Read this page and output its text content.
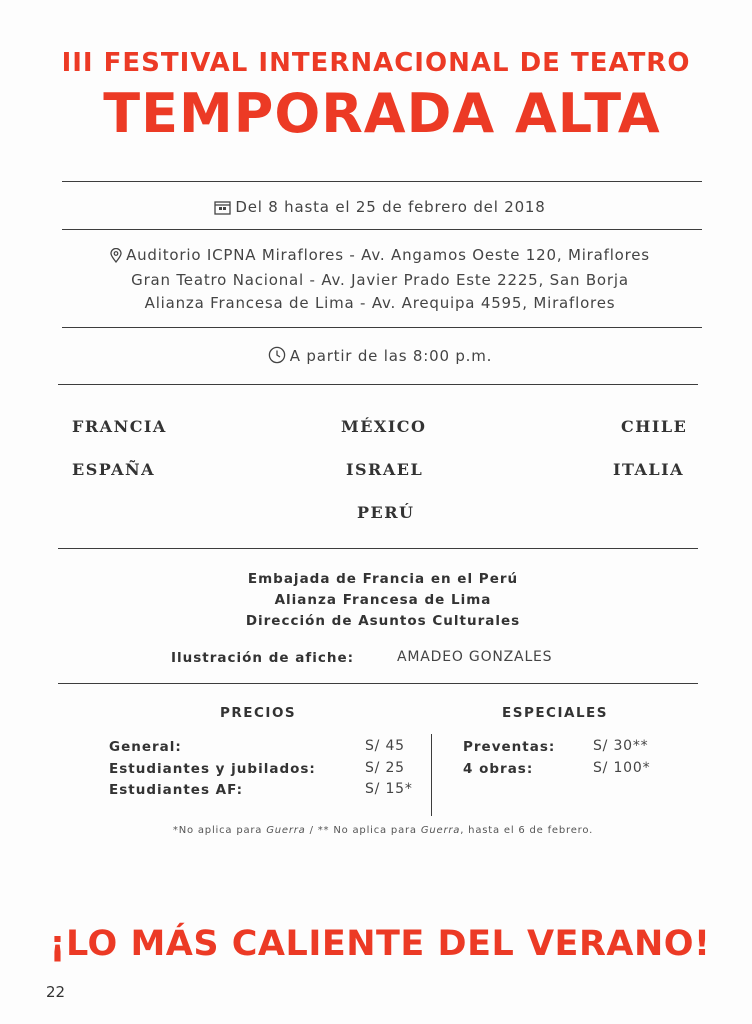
III FESTIVAL INTERNACIONAL DE TEATRO
TEMPORADA ALTA
Del 8 hasta el 25 de febrero del 2018
Auditorio ICPNA Miraflores - Av. Angamos Oeste 120, Miraflores
Gran Teatro Nacional - Av. Javier Prado Este 2225, San Borja
Alianza Francesa de Lima - Av. Arequipa 4595, Miraflores
A partir de las 8:00 p.m.
FRANCIA	MÉXICO	CHILE
ESPAÑA	ISRAEL	ITALIA
PERÚ
Embajada de Francia en el Perú
Alianza Francesa de Lima
Dirección de Asuntos Culturales
Ilustración de afiche:	AMADEO GONZALES
PRECIOS
General:	S/ 45
Estudiantes y jubilados:	S/ 25
Estudiantes AF:	S/ 15*
ESPECIALES
Preventas:	S/ 30**
4 obras:	S/ 100*
*No aplica para Guerra / ** No aplica para Guerra, hasta el 6 de febrero.
¡LO MÁS CALIENTE DEL VERANO!
22
